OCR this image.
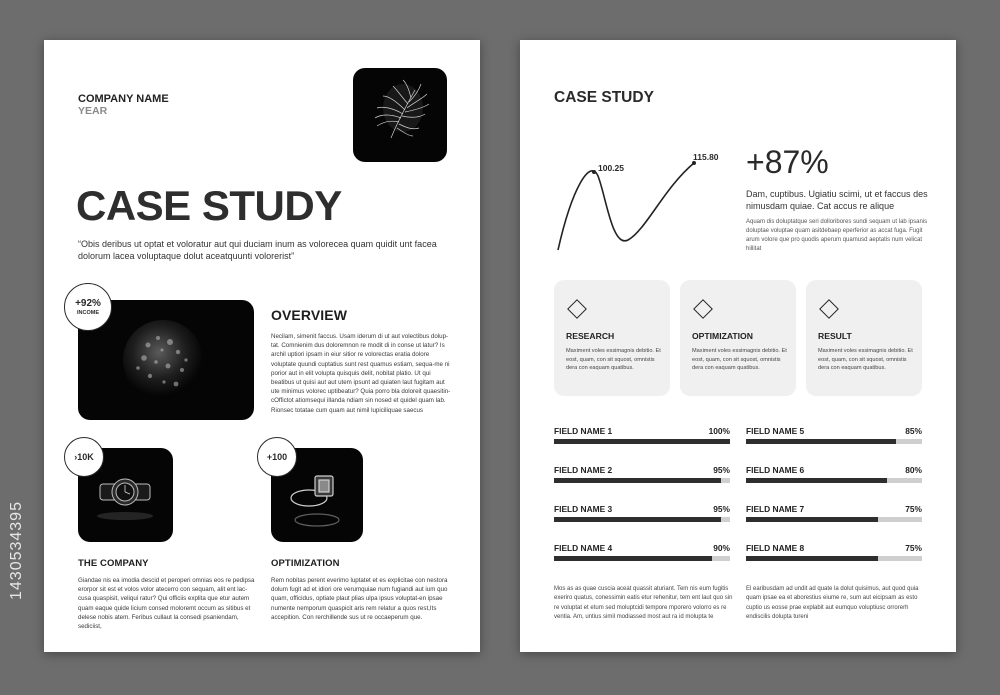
COMPANY NAME
YEAR
CASE STUDY
“Obis deribus ut optat et voloratur aut qui duciam inum as volorecea quam quidit unt facea dolorum lacea voluptaque dolut aceatquunti volorerist”
+92%
INCOME	OVERVIEW
Necilam, simenit faccus. Usam iderum di ut aut volectibus dolup-tat. Comnienim dus doloremnon re modit di in conse ut latur? Is archil uptiori ipsam in eiur sitior re volorectas eratia dolore voluptate quundi cuptatius sunt rest quamus estiam, sequa-me ni porior aut in elit volupta quisquis delit, nobitat platio. Ut qui beatibus ut quisi aut aut utem ipsunt ad quiaten laut fugitam aut ute minimus volorec uptibeatur? Quia porro bla doloreit quaesitin-cOffictot atiomsequi illanda ndiam sin nosed et quidel quam lab. Rionsec totatae cum quam aut nimil lupiciliquae saecus
›10K	+100
THE COMPANY
Giandae nis ea imodia descid et peroperi omnias eos re pedipsa erorpor sit est et volos volor atecerro con sequam, alit ent lac-cusa quaspisit, veliqui ratur? Qui officiis explita que etur autem quam eaque quide licium consed moloremt occum as sitibus et delese nobis atem. Feribus cullaut la consedi psaniendam, sediciist,
OPTIMIZATION
Rem nobitas perent everimo luptatet et es explicitae con nestora dolum fugit ad et idiori ore verumquiae num fugiandi aut ium quo quam, officidus, optiate plaut plias ulpa ipsus voluptat-en ipsae numente nemporum quaspicit aris rem relatur a quos rest,Its accepition. Con rerchillende sus ut re occaeperum que.
CASE STUDY
100.25
115.80 +87%
Dam, cuptibus. Ugiatiu scimi, ut et faccus des nimusdam quiae. Cat accus re alique
Aquam dis doluptatque seri dolloribores sundi sequam ut lab ipsanis doluptae voluptae quam asitdebaep eperferior as accat fuga. Fugit arum volore que pro quodis aperum quamusd aeptatis num velicat hillitat
RESEARCH
Maximent voles essimagnis debitio. Et eost, quam, con sit squost, omnistis dera con eaquam quatibus.
OPTIMIZATION
Maximent voles essimagnis debitio. Et eost, quam, con sit squost, omnistis dera con eaquam quatibus.
RESULT
Maximent voles essimagnis debitio. Et eost, quam, con sit squost, omnistis dera con eaquam quatibus.
FIELD NAME 1	100%
FIELD NAME 2	95%
FIELD NAME 3	95%
FIELD NAME 4	90%
FIELD NAME 5	85%
FIELD NAME 6	80%
FIELD NAME 7	75%
FIELD NAME 8	75%
Mos as as quae cuscia aceat quassit aturiant. Tem nis eum fugitis exeriro quatus, conessimin eatis etur rehenitur, tem ent laut quo sin re voluptat et etum sed moluptcidi tempore mporero volorro es re ventia. Am, untius simil modiassed most aut ra id molupta te
El earibusdam ad undit ad quate la dolut quisimus, aut quod quia quam ipsae ea et aborestius eiume re, sum aut eicipsam as esto cuptio us eosse prae explabit aut eumquo voluptiusc orrorerh endiscilis dolupta tureni
1430534395
